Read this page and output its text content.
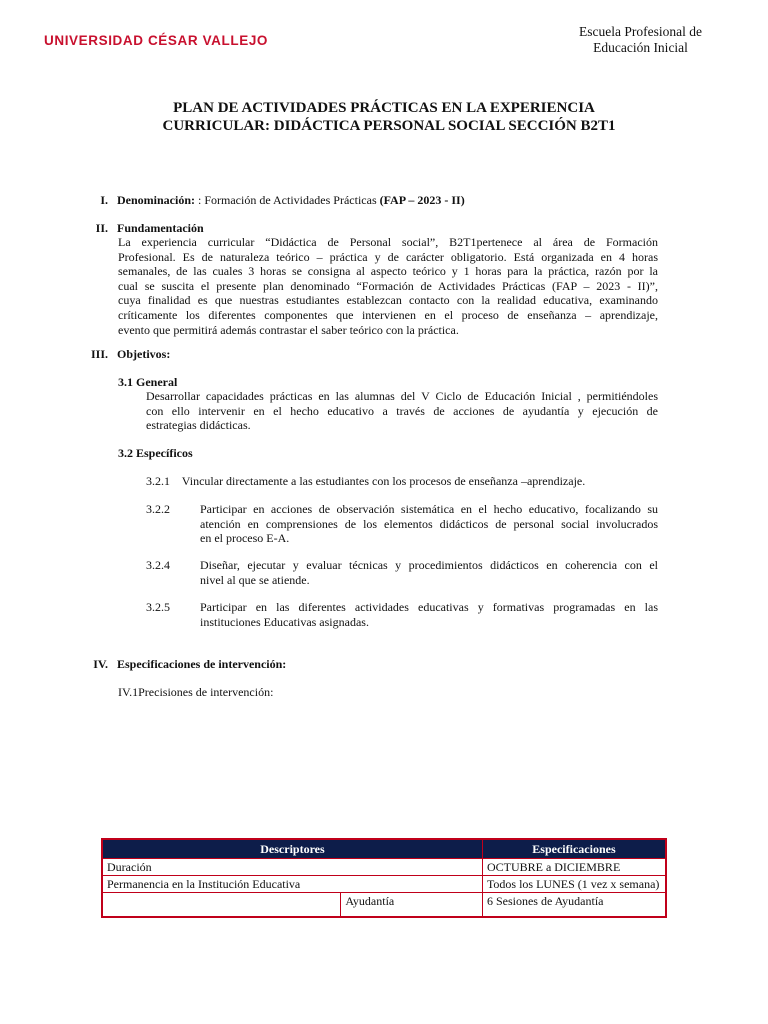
UNIVERSIDAD CÉSAR VALLEJO
Escuela Profesional de
Educación Inicial
PLAN DE ACTIVIDADES PRÁCTICAS EN LA EXPERIENCIA
CURRICULAR: DIDÁCTICA PERSONAL SOCIAL SECCIÓN B2T1
I. Denominación: : Formación de Actividades Prácticas (FAP – 2023 - II)
II. Fundamentación
La experiencia curricular “Didáctica de Personal social”, B2T1pertenece al área de Formación
Profesional. Es de naturaleza teórico – práctica y de carácter obligatorio. Está organizada en 4 horas
semanales, de las cuales 3 horas se consigna al aspecto teórico y 1 horas para la práctica, razón por la
cual se suscita el presente plan denominado “Formación de Actividades Prácticas (FAP – 2023 - II)”,
cuya finalidad es que nuestras estudiantes establezcan contacto con la realidad educativa, examinando
críticamente los diferentes componentes que intervienen en el proceso de enseñanza – aprendizaje,
evento que permitirá además contrastar el saber teórico con la práctica.
III. Objetivos:
3.1 General
Desarrollar capacidades prácticas en las alumnas del V Ciclo de Educación Inicial , permitiéndoles
con ello intervenir en el hecho educativo a través de acciones de ayudantía y ejecución de
estrategias didácticas.
3.2 Específicos
3.2.1 Vincular directamente a las estudiantes con los procesos de enseñanza –aprendizaje.
3.2.2	Participar en acciones de observación sistemática en el hecho educativo, focalizando su
atención en comprensiones de los elementos didácticos de personal social involucrados
en el proceso E-A.
3.2.4	Diseñar, ejecutar y evaluar técnicas y procedimientos didácticos en coherencia con el
nivel al que se atiende.
3.2.5	Participar en las diferentes actividades educativas y formativas programadas en las
instituciones Educativas asignadas.
IV. Especificaciones de intervención:
IV.1Precisiones de intervención:
Descriptores		Especificaciones
Duración		OCTUBRE a DICIEMBRE
Permanencia en la Institución Educativa		Todos los LUNES (1 vez x semana)
	Ayudantía	6 Sesiones de Ayudantía
